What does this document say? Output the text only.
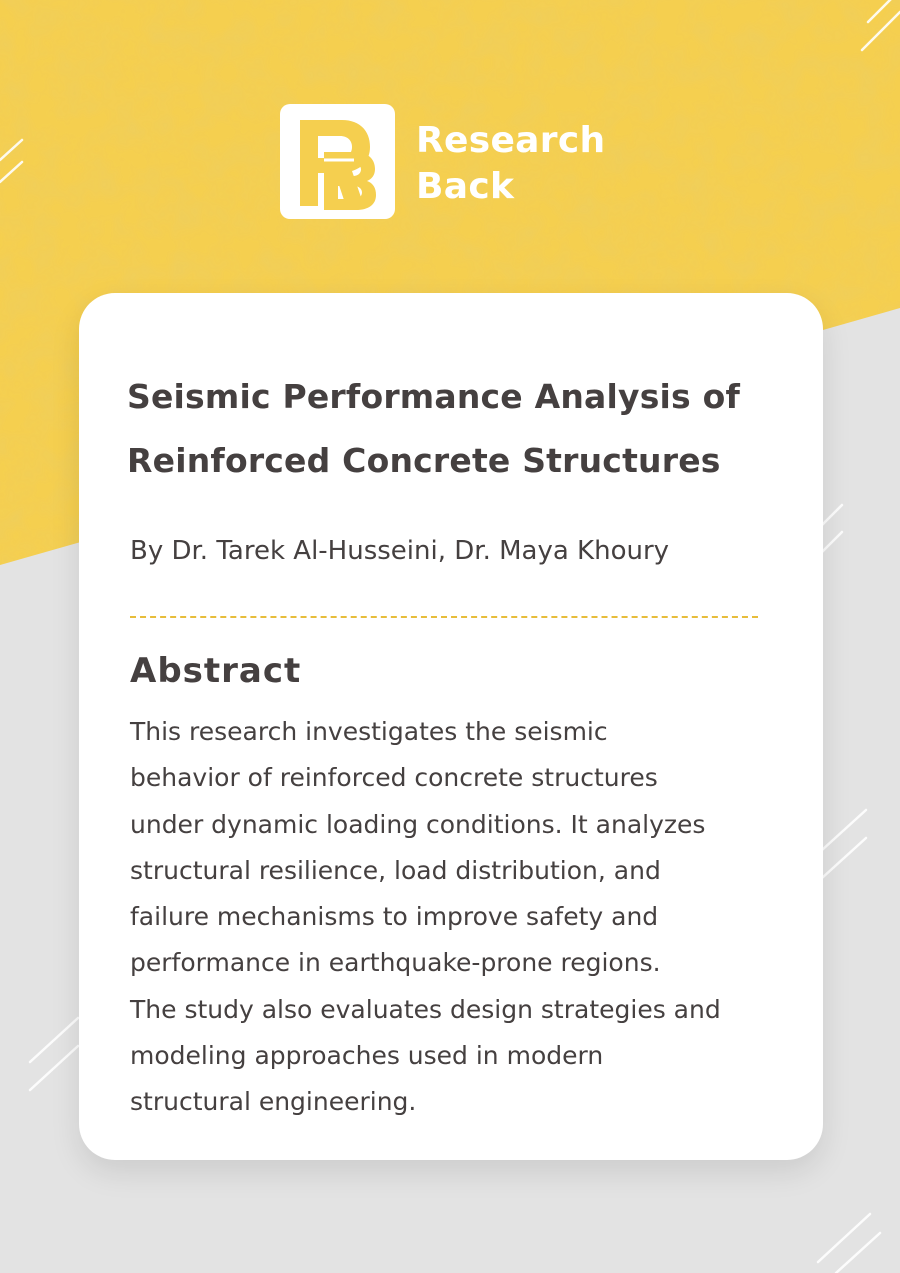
Research
Back
Seismic Performance Analysis of
Reinforced Concrete Structures
By Dr. Tarek Al-Husseini, Dr. Maya Khoury
Abstract
This research investigates the seismic
behavior of reinforced concrete structures
under dynamic loading conditions. It analyzes
structural resilience, load distribution, and
failure mechanisms to improve safety and
performance in earthquake-prone regions.
The study also evaluates design strategies and
modeling approaches used in modern
structural engineering.
